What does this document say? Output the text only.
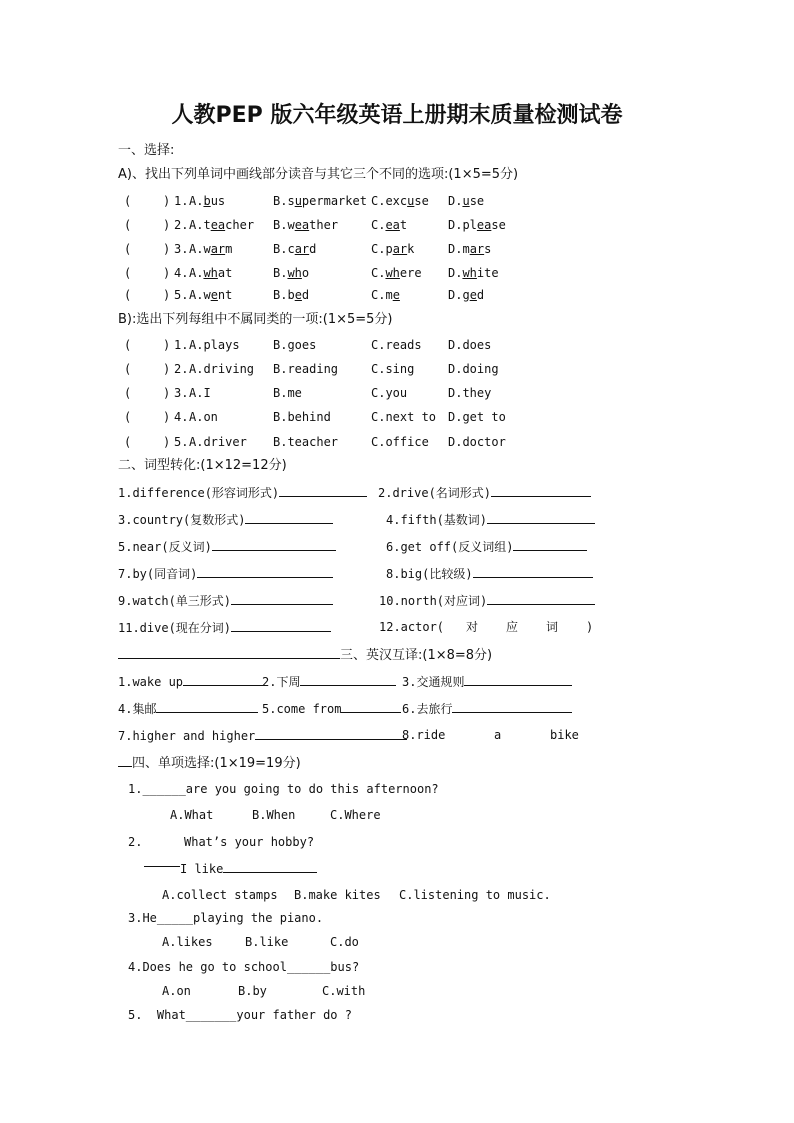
人教PEP 版六年级英语上册期末质量检测试卷
一、选择:
A)、找出下列单词中画线部分读音与其它三个不同的选项:(1×5=5分)
(	) 1. A.bus	B.supermarket C.excuse D.use
(	) 2. A.teacher B.weather	C.eat	D.please
(	) 3. A.warm	B.card	C.park	D.mars
(	) 4. A.what	B.who	C.where D.white
(	) 5. A.went	B.bed	C.me	D.ged
B):选出下列每组中不属同类的一项:(1×5=5分)
(	) 1. A.plays	B.goes	C.reads D.does
(	) 2. A.driving B.reading	C.sing	D.doing
(	) 3. A.I	B.me	C.you	D.they
(	) 4. A.on	B.behind	C.next to D.get to
(	) 5. A.driver B.teacher	C.office D.doctor
二、词型转化:(1×12=12分)
1.difference(形容词形式)	2.drive(名词形式)
3.country(复数形式)	4.fifth(基数词)
5.near(反义词)	6.get off(反义词组)
7.by(同音词)	8.big(比较级)
9.watch(单三形式)	10.north(对应词)
11.dive(现在分词)	12.actor( 对 应 词 )
三、英汉互译:(1×8=8分)
1.wake up	2.下周	3.交通规则
4.集邮	5.come from	6.去旅行
7.higher and higher	8.ride	a	bike
四、单项选择:(1×19=19分)
1.______are you going to do this afternoon?
A.What	B.When	C.Where
2.	What’s your hobby?
I like
A.collect stamps B.make kites C.listening to music.
3.He_____playing the piano.
A.likes	B.like	C.do
4.Does he go to school______bus?
A.on	B.by	C.with
5.  What_______your father do ?
